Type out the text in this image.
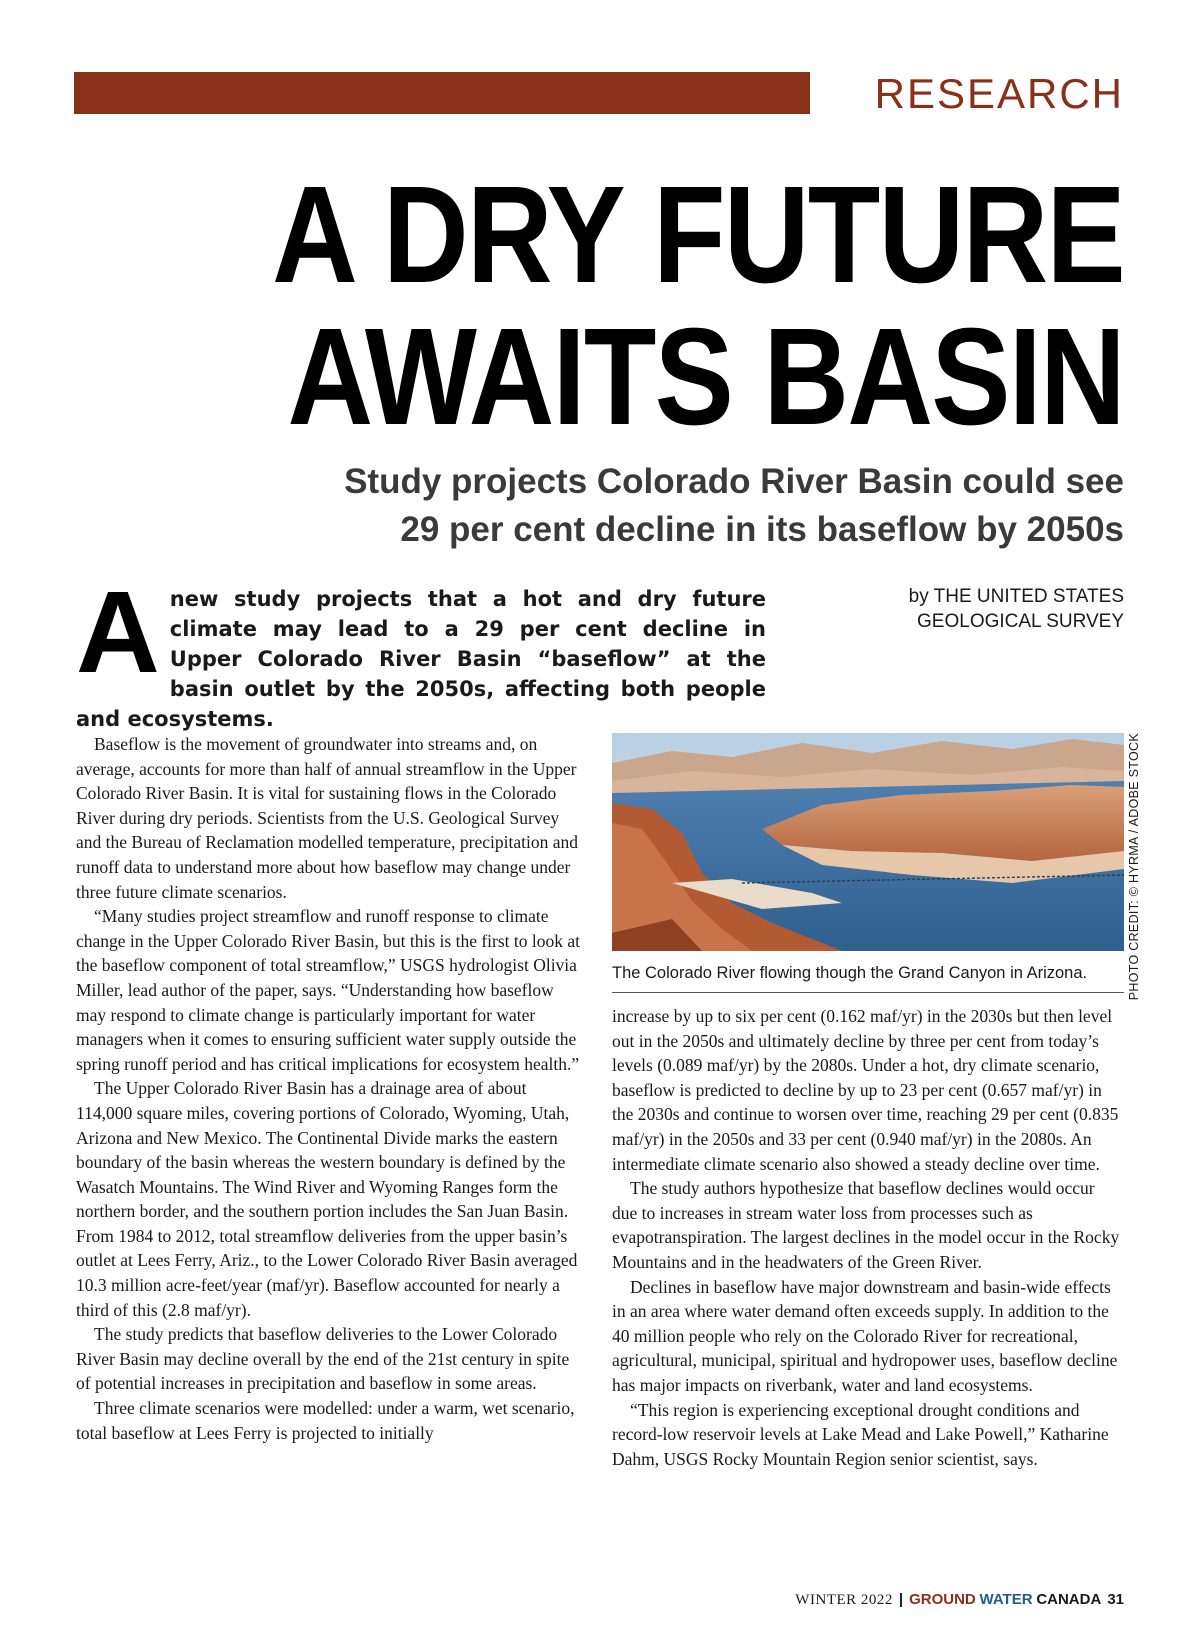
RESEARCH
A DRY FUTURE
AWAITS BASIN
Study projects Colorado River Basin could see
29 per cent decline in its baseflow by 2050s
Anew study projects that a hot and dry future climate may lead to a 29 per cent decline in Upper Colorado River Basin “baseflow” at the basin outlet by the 2050s, affecting both people and ecosystems.
by THE UNITED STATES
GEOLOGICAL SURVEY

Baseflow is the movement of groundwater into streams and, on average, accounts for more than half of annual streamflow in the Upper Colorado River Basin. It is vital for sustaining flows in the Colorado River during dry periods. Scientists from the U.S. Geological Survey and the Bureau of Reclamation modelled temperature, precipitation and runoff data to understand more about how baseflow may change under three future climate scenarios.

“Many studies project streamflow and runoff response to climate change in the Upper Colorado River Basin, but this is the first to look at the baseflow component of total streamflow,” USGS hydrologist Olivia Miller, lead author of the paper, says. “Understanding how baseflow may respond to climate change is particularly important for water managers when it comes to ensuring sufficient water supply outside the spring runoff period and has critical implications for ecosystem health.”

The Upper Colorado River Basin has a drainage area of about 114,000 square miles, covering portions of Colorado, Wyoming, Utah, Arizona and New Mexico. The Continental Divide marks the eastern boundary of the basin whereas the western boundary is defined by the Wasatch Mountains. The Wind River and Wyoming Ranges form the northern border, and the southern portion includes the San Juan Basin. From 1984 to 2012, total streamflow deliveries from the upper basin’s outlet at Lees Ferry, Ariz., to the Lower Colorado River Basin averaged 10.3 million acre-feet/year (maf/yr). Baseflow accounted for nearly a third of this (2.8 maf/yr).

The study predicts that baseflow deliveries to the Lower Colorado River Basin may decline overall by the end of the 21st century in spite of potential increases in precipitation and baseflow in some areas.

Three climate scenarios were modelled: under a warm, wet scenario, total baseflow at Lees Ferry is projected to initially

The Colorado River flowing though the Grand Canyon in Arizona.	PHOTO CREDIT: © HYRMA / ADOBE STOCK

increase by up to six per cent (0.162 maf/yr) in the 2030s but then level out in the 2050s and ultimately decline by three per cent from today’s levels (0.089 maf/yr) by the 2080s. Under a hot, dry climate scenario, baseflow is predicted to decline by up to 23 per cent (0.657 maf/yr) in the 2030s and continue to worsen over time, reaching 29 per cent (0.835 maf/yr) in the 2050s and 33 per cent (0.940 maf/yr) in the 2080s. An intermediate climate scenario also showed a steady decline over time.

The study authors hypothesize that baseflow declines would occur due to increases in stream water loss from processes such as evapotranspiration. The largest declines in the model occur in the Rocky Mountains and in the headwaters of the Green River.

Declines in baseflow have major downstream and basin-wide effects in an area where water demand often exceeds supply. In addition to the 40 million people who rely on the Colorado River for recreational, agricultural, municipal, spiritual and hydropower uses, baseflow decline has major impacts on riverbank, water and land ecosystems.

“This region is experiencing exceptional drought conditions and record-low reservoir levels at Lake Mead and Lake Powell,” Katharine Dahm, USGS Rocky Mountain Region senior scientist, says.

WINTER 2022 | GROUND WATER CANADA 31
